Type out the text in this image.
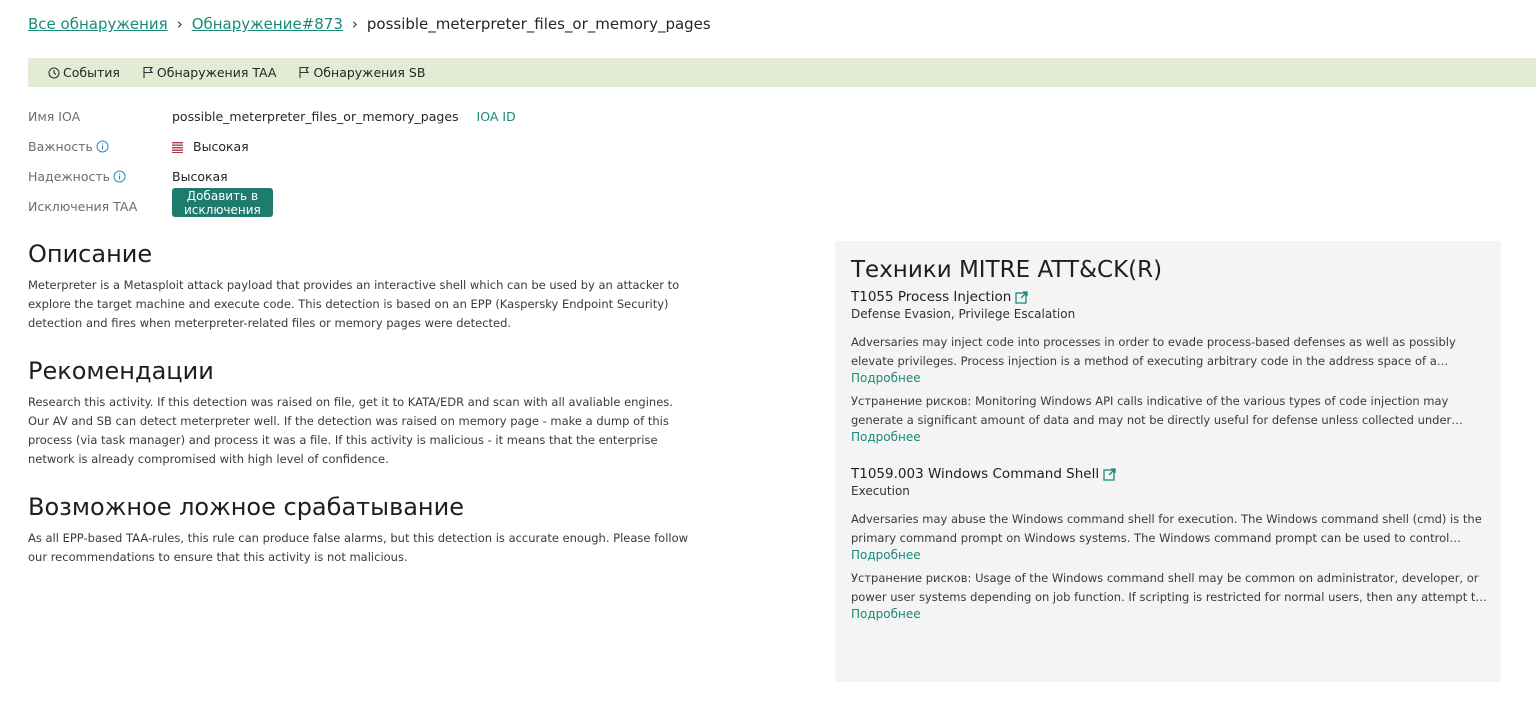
Все обнаружения › Обнаружение#873 › possible_meterpreter_files_or_memory_pages
События	Обнаружения TAA	Обнаружения SB
Имя IOA	possible_meterpreter_files_or_memory_pages IOA ID
Важность	Высокая
Надежность	Высокая
Исключения TAA
Добавить в исключения
Описание

Meterpreter is a Metasploit attack payload that provides an interactive shell which can be used by an attacker to explore the target machine and execute code. This detection is based on an EPP (Kaspersky Endpoint Security) detection and fires when meterpreter-related files or memory pages were detected.

Рекомендации

Research this activity. If this detection was raised on file, get it to KATA/EDR and scan with all avaliable engines. Our AV and SB can detect meterpreter well. If the detection was raised on memory page - make a dump of this process (via task manager) and process it was a file. If this activity is malicious - it means that the enterprise network is already compromised with high level of confidence.

Возможное ложное срабатывание

As all EPP-based TAA-rules, this rule can produce false alarms, but this detection is accurate enough. Please follow our recommendations to ensure that this activity is not malicious.

Техники MITRE ATT&CK(R)
T1055 Process Injection
Defense Evasion, Privilege Escalation
Adversaries may inject code into processes in order to evade process-based defenses as well as possibly elevate privileges. Process injection is a method of executing arbitrary code in the address space of a
Подробнее
Устранение рисков: Monitoring Windows API calls indicative of the various types of code injection may generate a significant amount of data and may not be directly useful for defense unless collected under
Подробнее
T1059.003 Windows Command Shell
Execution
Adversaries may abuse the Windows command shell for execution. The Windows command shell (cmd) is the primary command prompt on Windows systems. The Windows command prompt can be used to control
Подробнее
Устранение рисков: Usage of the Windows command shell may be common on administrator, developer, or power user systems depending on job function. If scripting is restricted for normal users, then any attempt to
Подробнее
